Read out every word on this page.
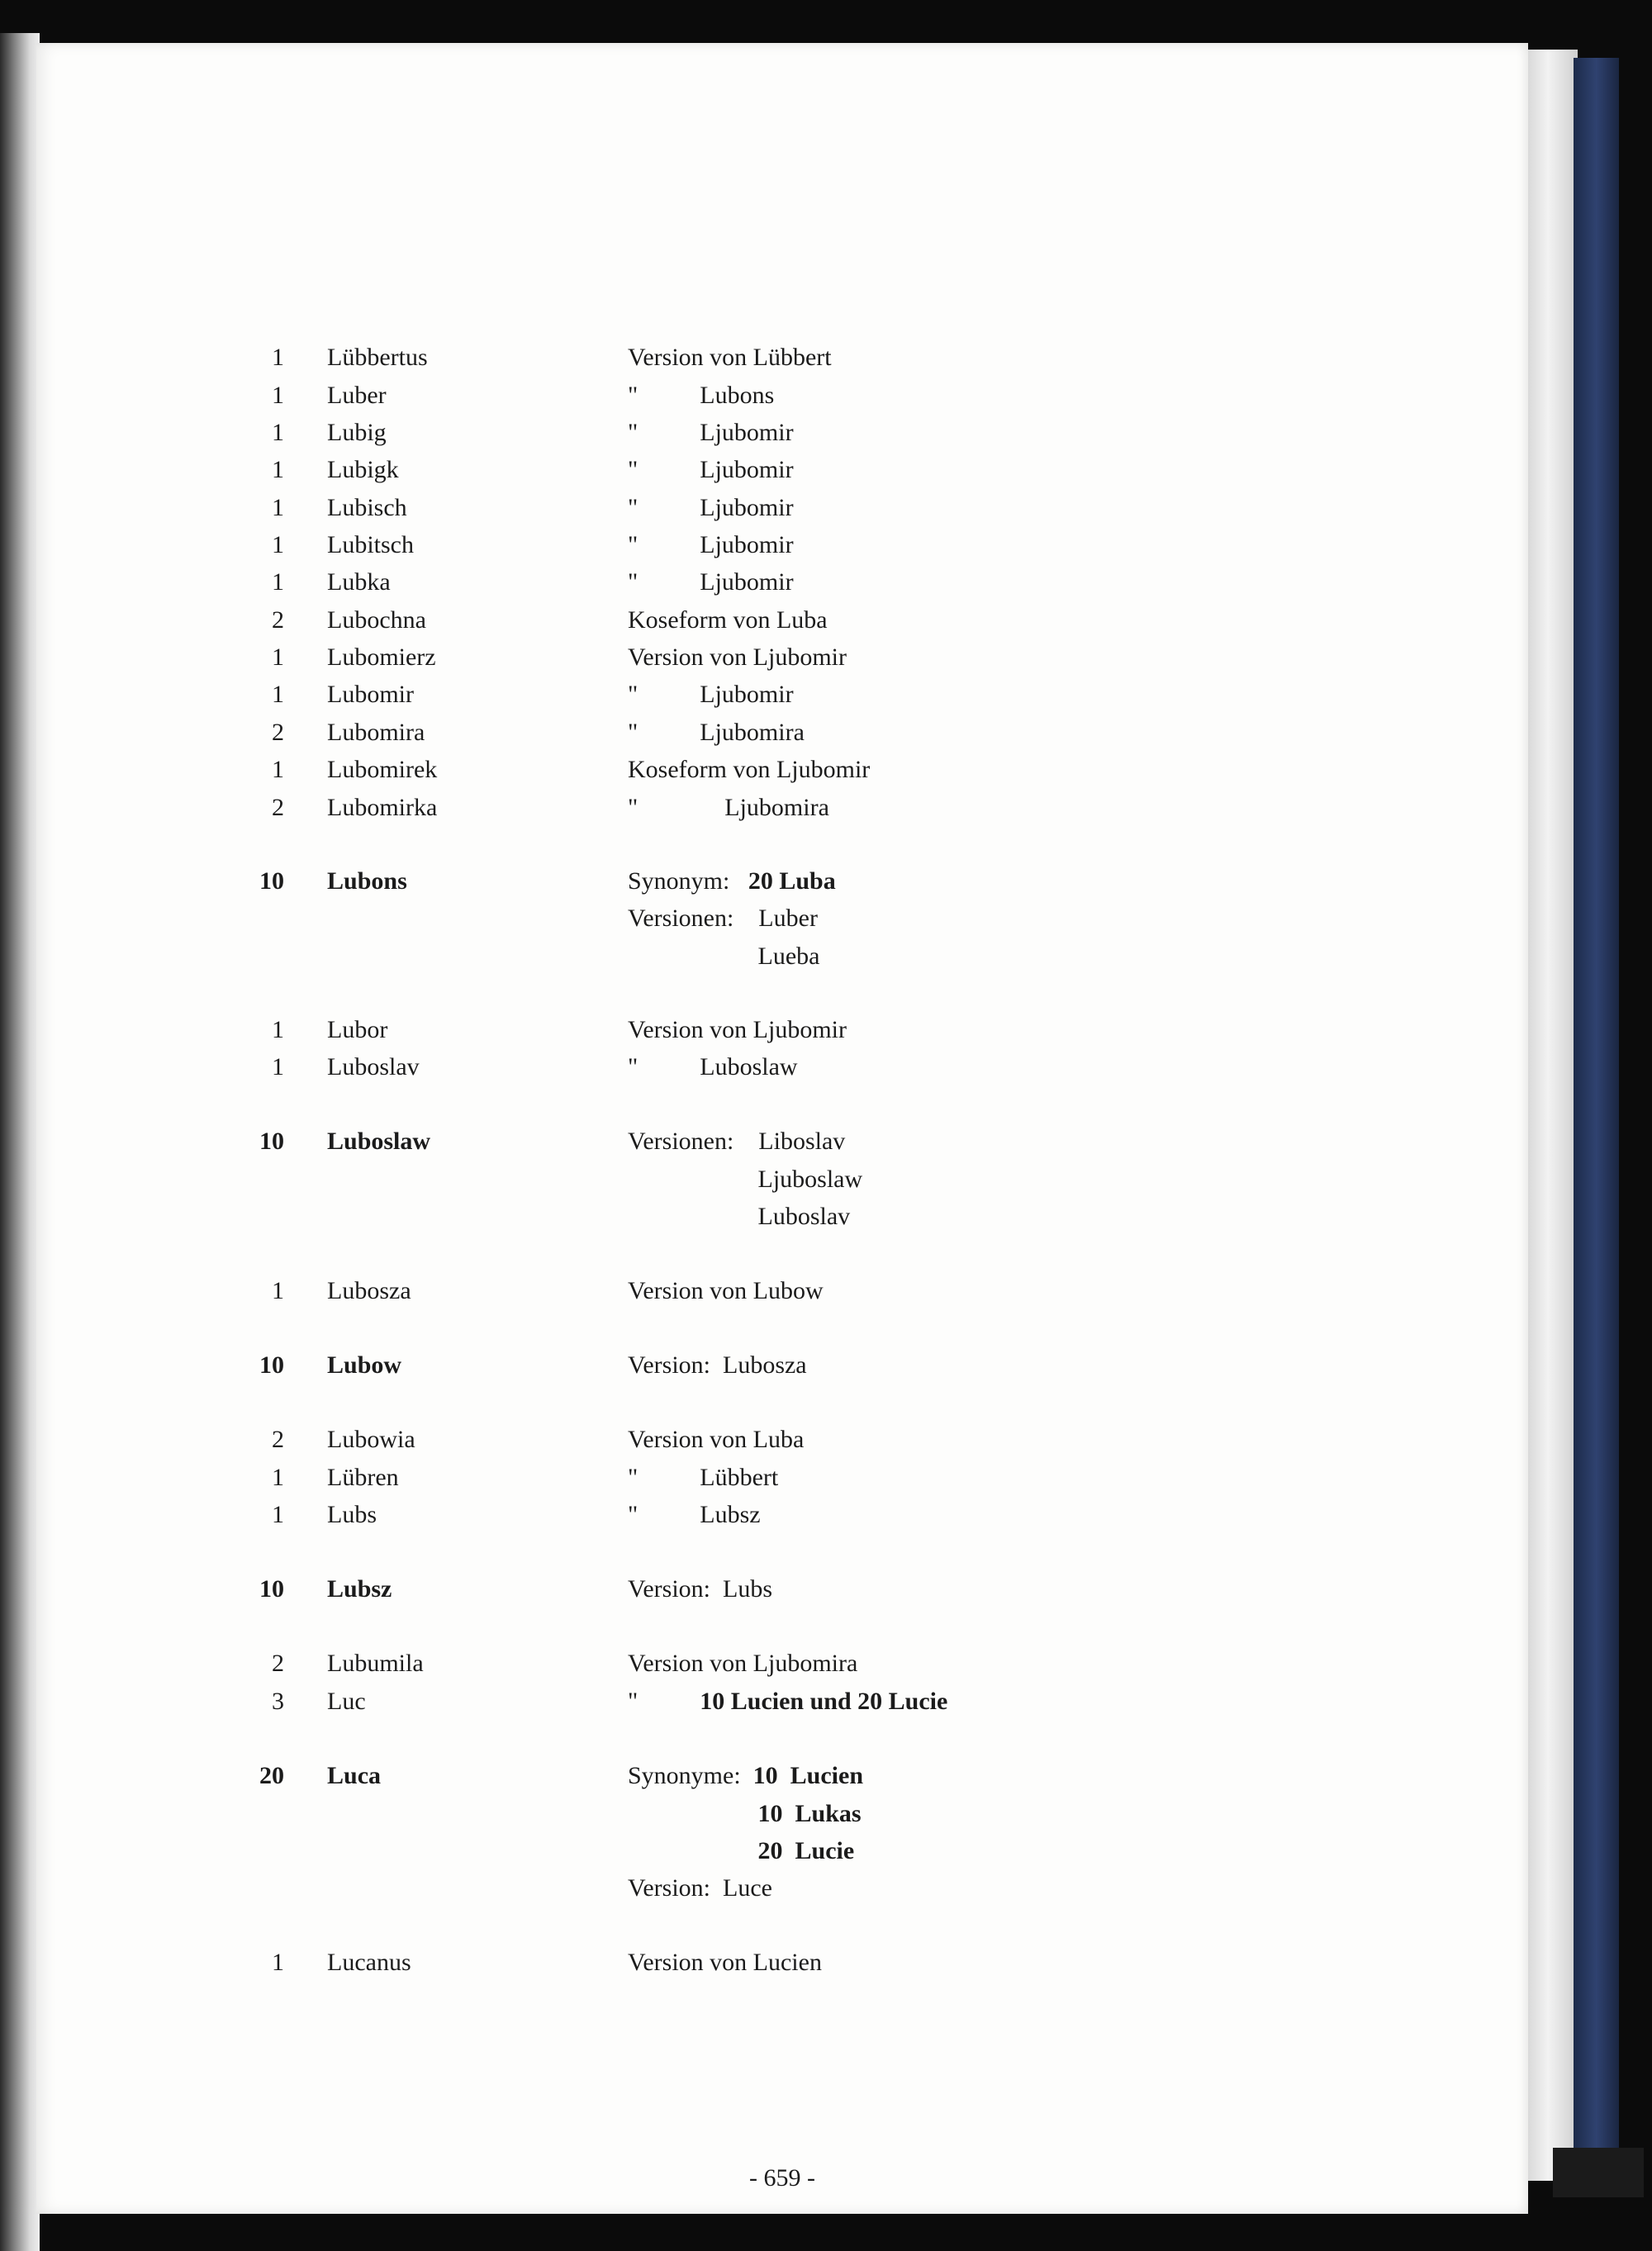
1 Lübbertus	Version von Lübbert
1 Luber	"          Lubons
1 Lubig	"          Ljubomir
1 Lubigk	"          Ljubomir
1 Lubisch	"          Ljubomir
1 Lubitsch	"          Ljubomir
1 Lubka	"          Ljubomir
2 Lubochna	Koseform von Luba
1 Lubomierz	Version von Ljubomir
1 Lubomir	"          Ljubomir
2 Lubomira	"          Ljubomira
1 Lubomirek	Koseform von Ljubomir
2 Lubomirka	"              Ljubomira
10 Lubons	Synonym:   20 Luba
Versionen:    Luber
Lueba
1 Lubor	Version von Ljubomir
1 Luboslav	"          Luboslaw
10 Luboslaw	Versionen:    Liboslav
Ljuboslaw
Luboslav
1 Lubosza	Version von Lubow
10 Lubow	Version:  Lubosza
2 Lubowia	Version von Luba
1 Lübren	"          Lübbert
1 Lubs	"          Lubsz
10 Lubsz	Version:  Lubs
2 Lubumila	Version von Ljubomira
3 Luc	"          10 Lucien und 20 Lucie
20 Luca	Synonyme:  10  Lucien
10  Lukas
20  Lucie
Version:  Luce
1 Lucanus	Version von Lucien
- 659 -
